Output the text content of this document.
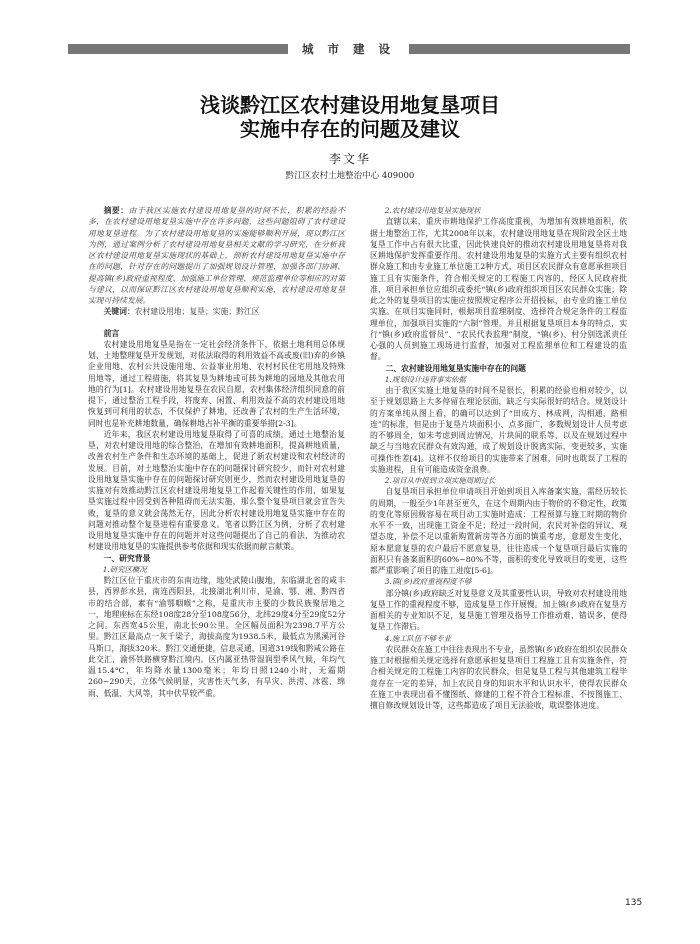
城 市 建 设
浅谈黔江区农村建设用地复垦项目
实施中存在的问题及建议
李文华
黔江区农村土地整治中心 409000

摘要：由于我区实施农村建设用地复垦的时间不长，积累的经验不多，在农村建设用地复垦实施中存在许多问题，这些问题阻碍了农村建设用地复垦进程。为了农村建设用地复垦的实施能够顺利开展，现以黔江区为例，通过案例分析了农村建设用地复垦相关文献的学习研究，在分析我区农村建设用地复垦实施现状的基础上，剖析农村建设用地复垦实施中存在的问题，针对存在的问题提出了加强规划设计管理、加强各部门协调、提高镇(乡)政府重视程度、加强施工单位管理、规范监理单位等相应的对策与建议，以而保证黔江区农村建设用地复垦顺利实施，农村建设用地复垦实现可持续发展。

关键词：农村建设用地；复垦；实施；黔江区

前言

农村建设用地复垦是指在一定社会经济条件下，依据土地利用总体规划、土地整理复垦开发规划，对依法取得的利用效益不高或废(旧)弃的乡镇企业用地、农村公共设施用地、公益事业用地、农村村民住宅用地及特殊用地等，通过工程措施，将其复垦为耕地或可转为耕地的园地及其他农用地的行为[1]。农村建设用地复垦在农民自愿，农村集体经济组织同意的前提下，通过整治工程手段，将废弃、闲置、利用效益不高的农村建设用地恢复到可利用的状态，不仅保护了耕地，还改善了农村的生产生活环境，同时也是补充耕地数量，确保耕地占补平衡的重要举措[2-3]。

近年来，我区农村建设用地复垦取得了可喜的成绩，通过土地整治复垦，对农村建设用地的综合整治，在增加有效耕地面积，提高耕地质量，改善农村生产条件和生态环境的基础上，促进了新农村建设和农村经济的发展。目前，对土地整治实施中存在的问题探讨研究较少，而针对农村建设用地复垦实施中存在的问题探讨研究则更少，然而农村建设用地复垦的实施对有效推动黔江区农村建设用地复垦工作起着关键性的作用，如果复垦实施过程中因受到各种阻碍而无法实施，那么整个复垦项目就会宣告失败，复垦的意义就会荡然无存，因此分析农村建设用地复垦实施中存在的问题对推动整个复垦进程有重要意义。笔者以黔江区为例，分析了农村建设用地复垦实施中存在的问题并对这些问题提出了自己的看法，为推动农村建设用地复垦的实施提供参考依据和现实依据而献言献策。

一、研究背景

1.研究区概况

黔江区位于重庆市的东南边缘，地处武陵山腹地，东临湖北省的咸丰县，西界彭水县，南连西阳县，北接湖北利川市，是渝、鄂、湘、黔四省市的结合部，素有“渝鄂咽喉”之称，是重庆市主要的少数民族聚居地之一，地理座标在东经108度28分至108度56分，北纬29度4分至29度52分之间。东西宽45公里，南北长90公里。全区幅员面积为2398.7平方公里。黔江区最高点一灰千梁子，海拔高度为1938.5米，最低点为黑溪河谷马斯口，海拔320米。黔江交通便捷，信息灵通，国道319线和黔咸公路在此交汇，渝怀铁路横穿黔江境内。区内属亚热带湿润型季风气候，年均气温15.4°C，年均降水量1300毫米；年均日照1240小时，无霜期260~290天，立体气候明显，灾害性天气多，有旱灾、洪涝、冰雹、绵雨、低温、大风等，其中伏旱较严重。

2.农村建设用地复垦实施现状

直辖以来，重庆市耕地保护工作高度重视，为增加有效耕地面积，依据土地整治工作，尤其2008年以来，农村建设用地复垦在现阶段全区土地复垦工作中占有很大比重，因此快速良好的推动农村建设用地复垦将对我区耕地保护发挥重要作用。农村建设用地复垦的实施方式主要有组织农村群众施工和由专业施工单位施工2种方式，项目区农民群众有意愿承担项目施工且有实施条件，符合相关规定的工程施工内容的，经区人民政府批准，项目承担单位应组织或委托“镇(乡)政府组织项目区农民群众实施；除此之外的复垦项目的实施应按照规定程序公开招投标，由专业的施工单位实施。在项目实施同时，根据项目监理制度，选择符合规定条件的工程监理单位，加强项目实施的“六制”管理。并且根据复垦项目本身的特点，实行“镇(乡)政府监督员”、“农民代表监理”制度，“镇(乡)、村分别选派责任心强的人员到施工现场进行监督，加强对工程监理单位和工程建设的监督。

二、农村建设用地复垦实施中存在的问题

1.规划设计违背事实依据

由于我区实施土地复垦的时间不是很长，积累的经验也相对较少，以至于规划思路上大多停留在理论层面，缺乏与实际很好的结合。规划设计的方案单纯从图上看，的确可以达到了“田成方、林成网，沟相通，路相连”的标准，但是由于复垦片块面积小、点多面广，多数规划设计人员考虑的不够周全，如未考虑到周边情况，片块间的联系等，以及在规划过程中缺乏与当地农民群众有效沟通，成了规划设计脱离实际，变更较多，实施可操作性差[4]。这样不仅给项目的实施带来了困难，同时也耽误了工程的实施进程，且有可能造成资金浪费。

2.项目从申报到立项实施周期过长

自复垦项目承担单位申请项目开始到项目入库备案实施，需经历较长的周期，一般至少1年甚至更久，在这个周期内由于物价的不稳定性，政策的变化等原因极容易在项目动工实施时造成：工程预算与施工时期的物价水平不一致，出现施工资金不足；经过一段时间，农民对补偿的异议、观望态度，补偿不足以重新购置新房等各方面的慎重考虑，意愿发生变化，原本愿意复垦的农户最后不愿意复垦，往往造成一个复垦项目最后实施的面积只有备案面积的60%~80%不等，面积的变化导致项目的变更，这些都严重影响了项目的施工进度[5-6]。

3.镇(乡)政府重视程度不够

部分镇(乡)政府缺乏对复垦意义及其重要性认识，导致对农村建设用地复垦工作的重视程度不够，造成复垦工作开展慢。加上镇(乡)政府在复垦方面相关的专业知识不足，复垦施工管理及指导工作推动难，错误多，使得复垦工作滞后。

4.施工队伍不够专业

农民群众在施工中往往表现出不专业，虽然镇(乡)政府在组织农民群众施工时根据相关规定选择有意愿承担复垦项目工程施工且有实施条件，符合相关规定的工程施工内容的农民群众，但是复垦工程与其他建筑工程毕竟存在一定的差异，加上农民自身的知识水平和认识水平，使得农民群众在施工中表现出看不懂图纸、修建的工程不符合工程标准、不按图施工、擅自修改规划设计等，这些都造成了项目无法验收，耽误整体进度。

135
